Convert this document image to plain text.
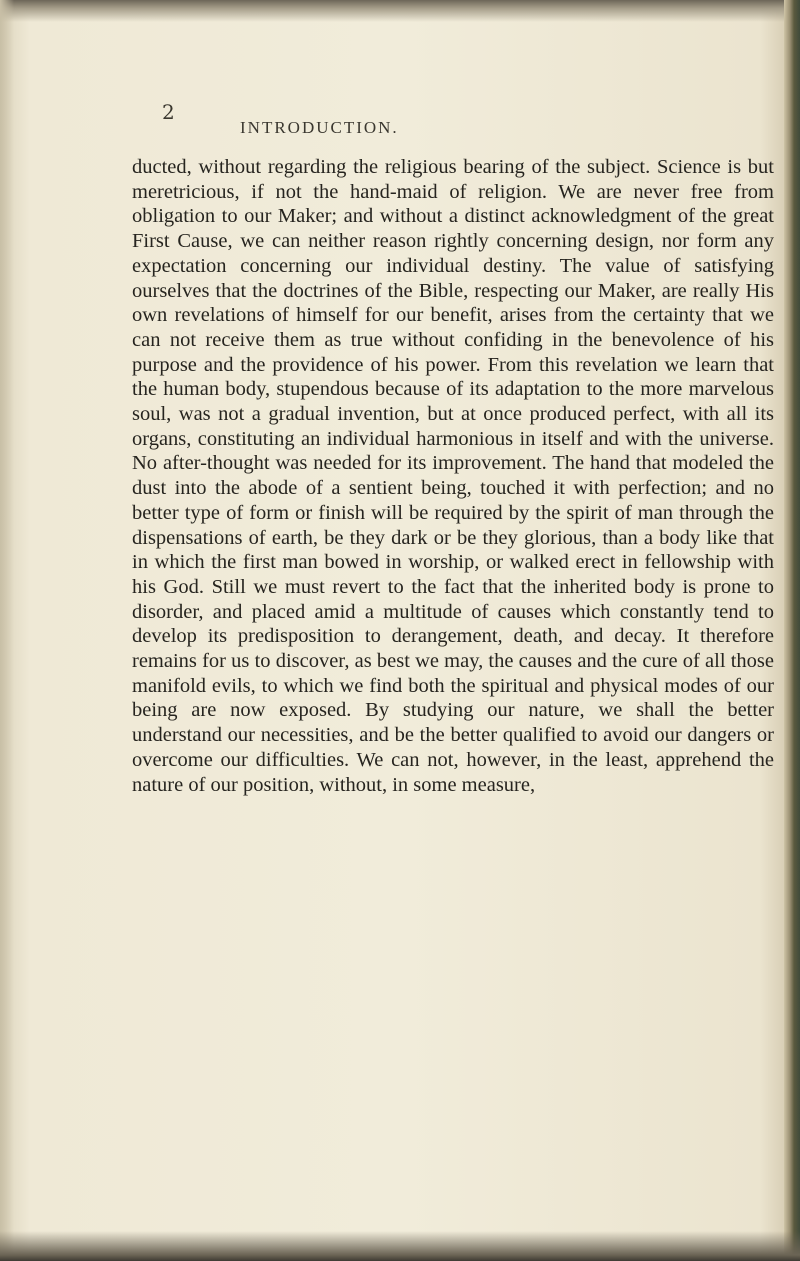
2

INTRODUCTION.

ducted, without regarding the religious bearing of the subject. Science is but meretricious, if not the hand-maid of religion. We are never free from obligation to our Maker; and without a distinct acknowledgment of the great First Cause, we can neither reason rightly concerning design, nor form any expectation concerning our individual destiny. The value of satisfying ourselves that the doctrines of the Bible, respecting our Maker, are really His own revelations of himself for our benefit, arises from the certainty that we can not receive them as true without confiding in the benevolence of his purpose and the providence of his power. From this revelation we learn that the human body, stupendous because of its adaptation to the more marvelous soul, was not a gradual invention, but at once produced perfect, with all its organs, constituting an individual harmonious in itself and with the universe. No after-thought was needed for its improvement. The hand that modeled the dust into the abode of a sentient being, touched it with perfection; and no better type of form or finish will be required by the spirit of man through the dispensations of earth, be they dark or be they glorious, than a body like that in which the first man bowed in worship, or walked erect in fellowship with his God. Still we must revert to the fact that the inherited body is prone to disorder, and placed amid a multitude of causes which constantly tend to develop its predisposition to derangement, death, and decay. It therefore remains for us to discover, as best we may, the causes and the cure of all those manifold evils, to which we find both the spiritual and physical modes of our being are now exposed. By studying our nature, we shall the better understand our necessities, and be the better qualified to avoid our dangers or overcome our difficulties. We can not, however, in the least, apprehend the nature of our position, without, in some measure,
